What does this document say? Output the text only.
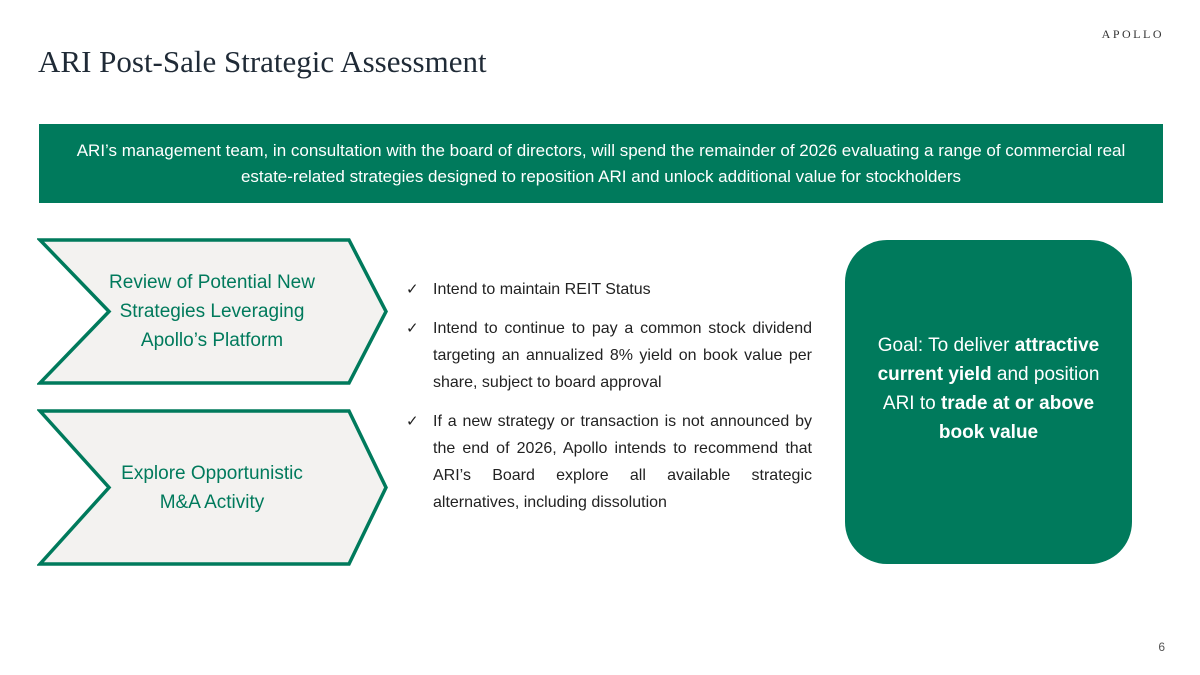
APOLLO
ARI Post-Sale Strategic Assessment
ARI’s management team, in consultation with the board of directors, will spend the remainder of 2026 evaluating a range of commercial real estate-related strategies designed to reposition ARI and unlock additional value for stockholders
Review of Potential New Strategies Leveraging Apollo’s Platform
Explore Opportunistic M&A Activity
✓ Intend to maintain REIT Status
✓ Intend to continue to pay a common stock dividend targeting an annualized 8% yield on book value per share, subject to board approval
✓ If a new strategy or transaction is not announced by the end of 2026, Apollo intends to recommend that ARI’s Board explore all available strategic alternatives, including dissolution

Goal: To deliver attractive current yield and position ARI to trade at or above book value

6
